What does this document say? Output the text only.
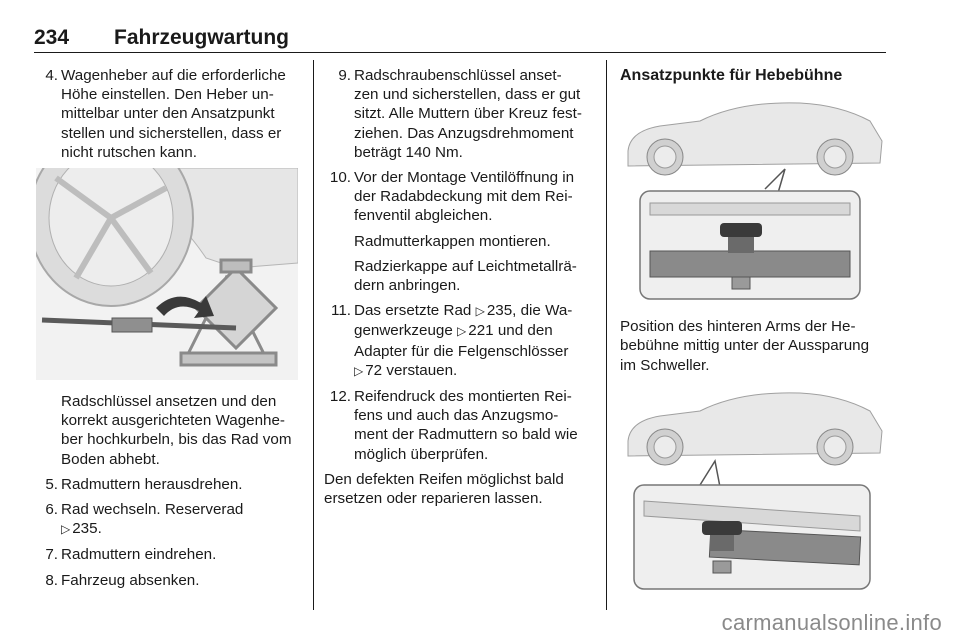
234 Fahrzeugwartung
4. Wagenheber auf die erforderliche
Höhe einstellen. Den Heber un-
mittelbar unter den Ansatzpunkt
stellen und sicherstellen, dass er
nicht rutschen kann.
Radschlüssel ansetzen und den
korrekt ausgerichteten Wagenhe-
ber hochkurbeln, bis das Rad vom
Boden abhebt.
5. Radmuttern herausdrehen.
6. Rad wechseln. Reserverad
▷ 235.
7. Radmuttern eindrehen.
8. Fahrzeug absenken.
9. Radschraubenschlüssel anset-
zen und sicherstellen, dass er gut
sitzt. Alle Muttern über Kreuz fest-
ziehen. Das Anzugsdrehmoment
beträgt 140 Nm.
10. Vor der Montage Ventilöffnung in
der Radabdeckung mit dem Rei-
fenventil abgleichen.
Radmutterkappen montieren.
Radzierkappe auf Leichtmetallrä-
dern anbringen.
11. Das ersetzte Rad ▷ 235, die Wa-
genwerkzeuge ▷ 221 und den
Adapter für die Felgenschlösser
▷ 72 verstauen.
12. Reifendruck des montierten Rei-
fens und auch das Anzugsmo-
ment der Radmuttern so bald wie
möglich überprüfen.
Den defekten Reifen möglichst bald
ersetzen oder reparieren lassen.
Ansatzpunkte für Hebebühne
Position des hinteren Arms der He-
bebühne mittig unter der Aussparung
im Schweller.
carmanualsonline.info
